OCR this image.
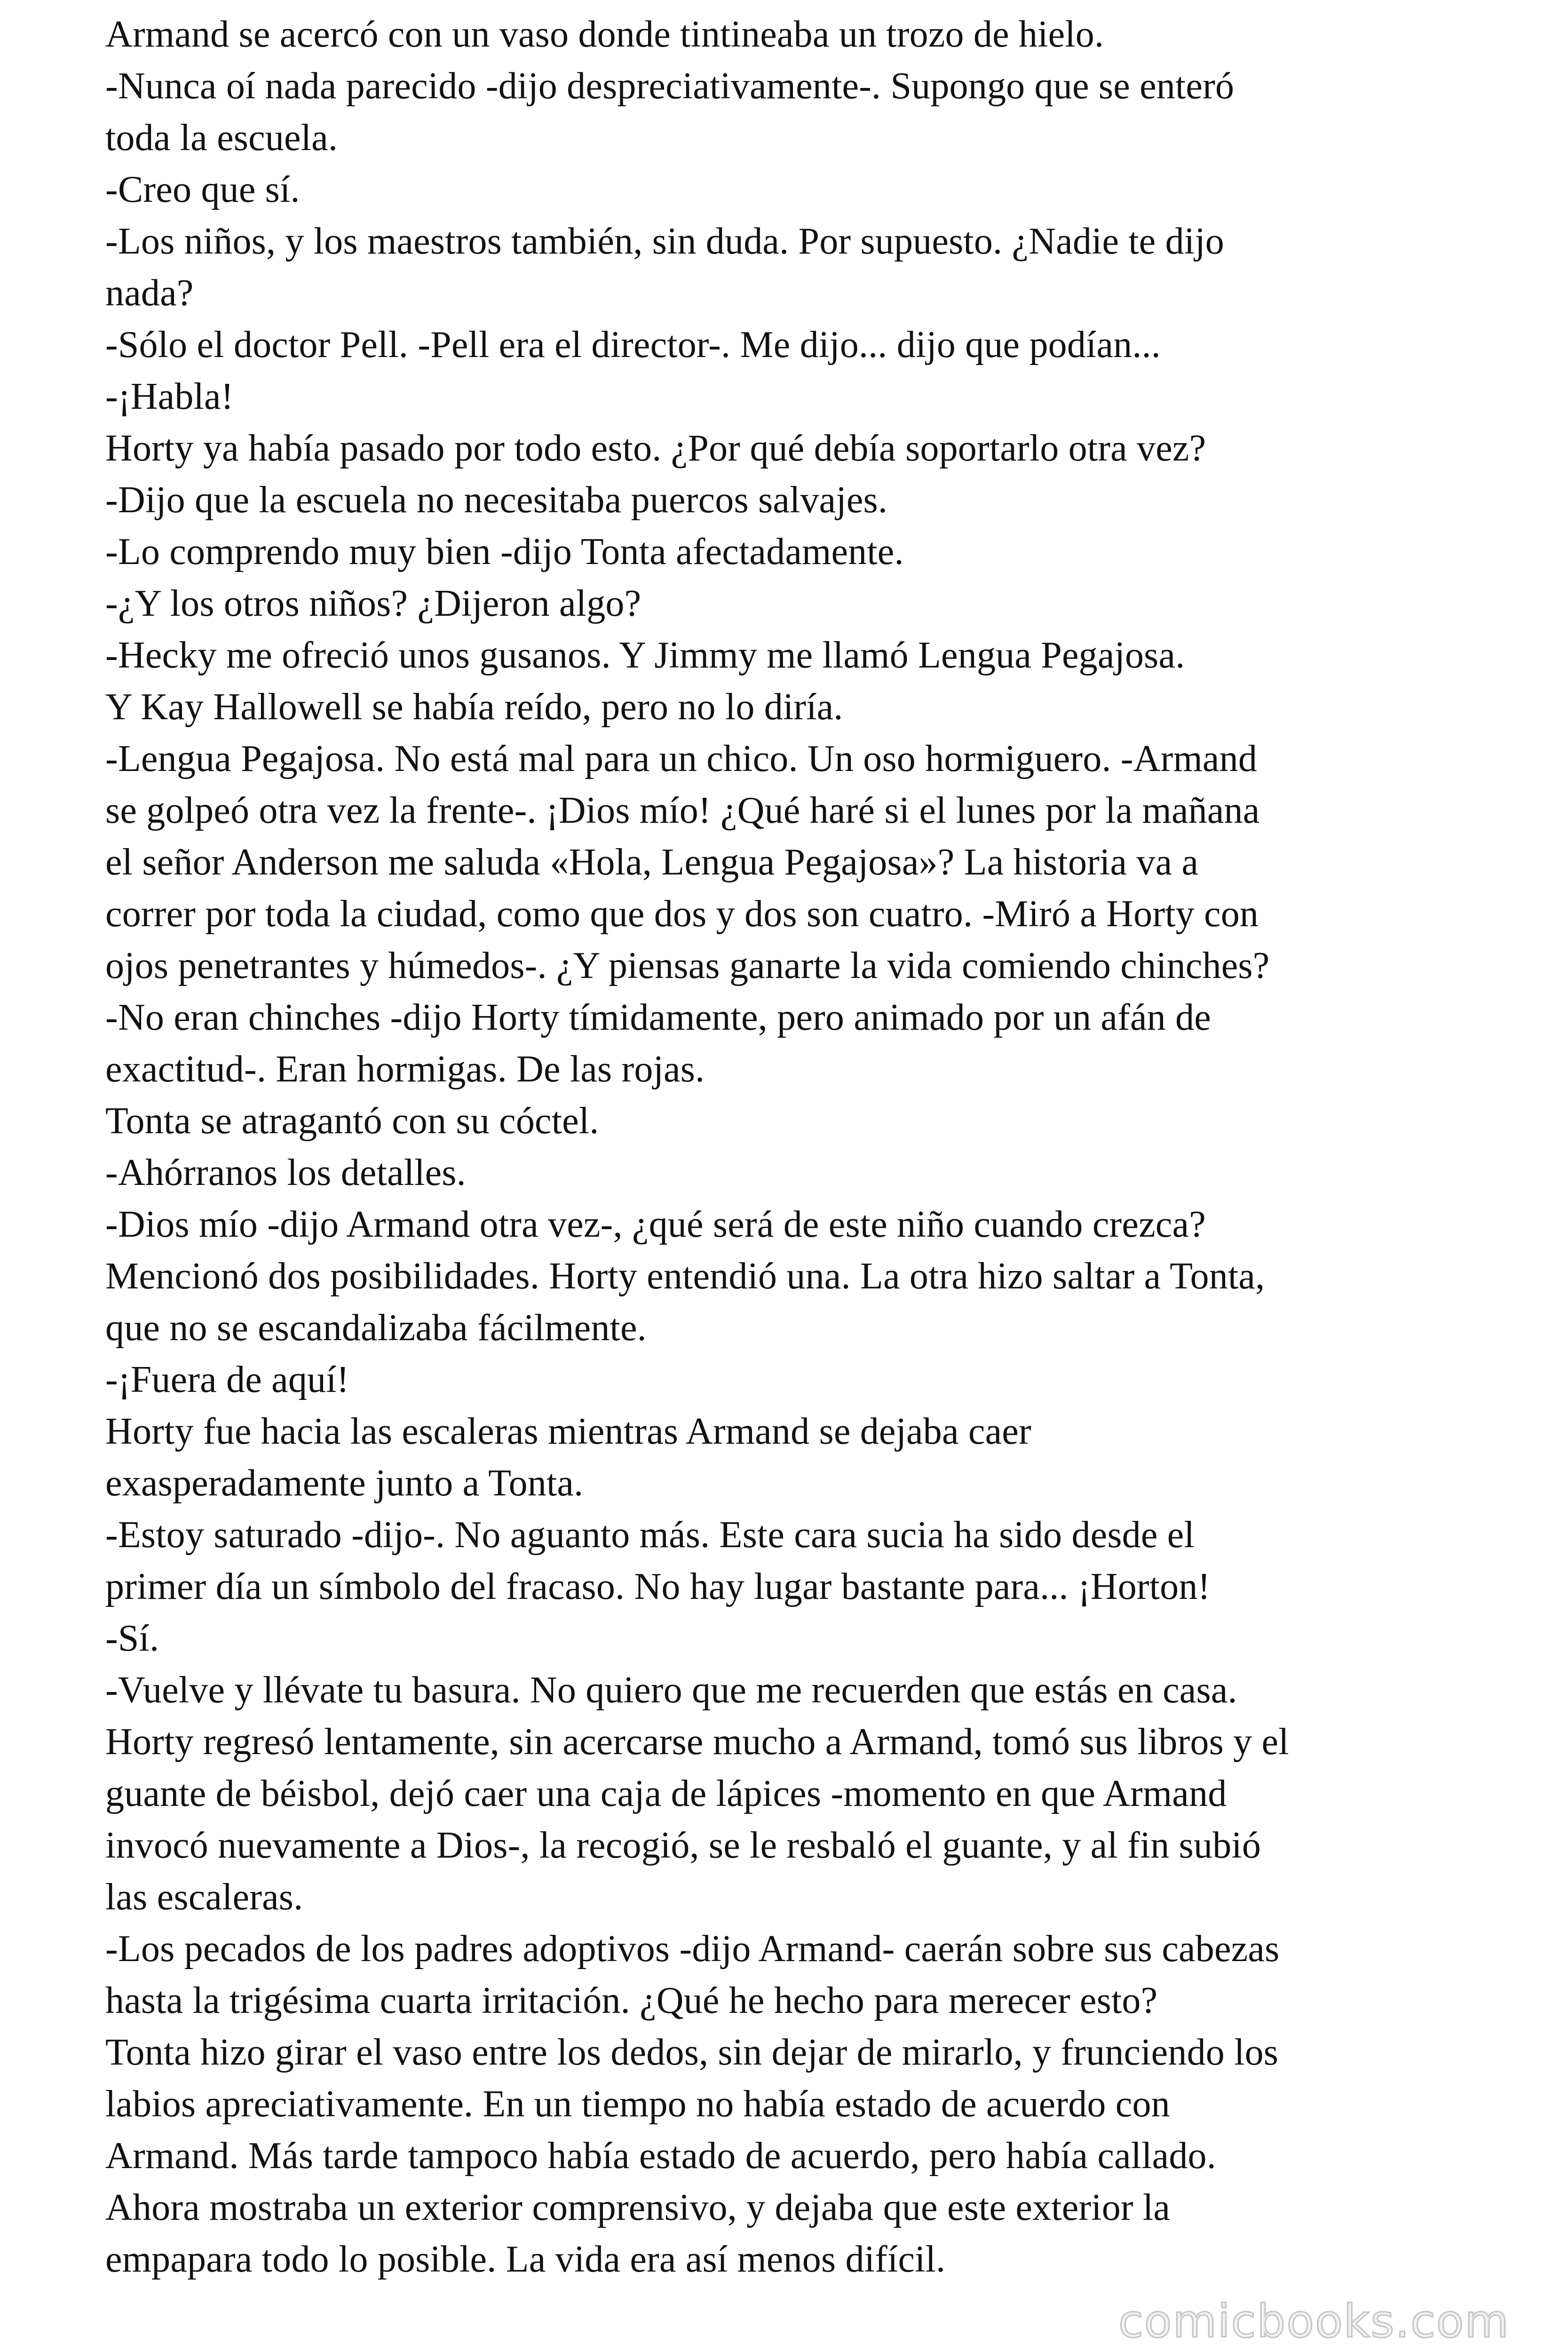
Armand se acercó con un vaso donde tintineaba un trozo de hielo.
-Nunca oí nada parecido -dijo despreciativamente-. Supongo que se enteró
toda la escuela.
-Creo que sí.
-Los niños, y los maestros también, sin duda. Por supuesto. ¿Nadie te dijo
nada?
-Sólo el doctor Pell. -Pell era el director-. Me dijo... dijo que podían...
-¡Habla!
Horty ya había pasado por todo esto. ¿Por qué debía soportarlo otra vez?
-Dijo que la escuela no necesitaba puercos salvajes.
-Lo comprendo muy bien -dijo Tonta afectadamente.
-¿Y los otros niños? ¿Dijeron algo?
-Hecky me ofreció unos gusanos. Y Jimmy me llamó Lengua Pegajosa.
Y Kay Hallowell se había reído, pero no lo diría.
-Lengua Pegajosa. No está mal para un chico. Un oso hormiguero. -Armand
se golpeó otra vez la frente-. ¡Dios mío! ¿Qué haré si el lunes por la mañana
el señor Anderson me saluda «Hola, Lengua Pegajosa»? La historia va a
correr por toda la ciudad, como que dos y dos son cuatro. -Miró a Horty con
ojos penetrantes y húmedos-. ¿Y piensas ganarte la vida comiendo chinches?
-No eran chinches -dijo Horty tímidamente, pero animado por un afán de
exactitud-. Eran hormigas. De las rojas.
Tonta se atragantó con su cóctel.
-Ahórranos los detalles.
-Dios mío -dijo Armand otra vez-, ¿qué será de este niño cuando crezca?
Mencionó dos posibilidades. Horty entendió una. La otra hizo saltar a Tonta,
que no se escandalizaba fácilmente.
-¡Fuera de aquí!
Horty fue hacia las escaleras mientras Armand se dejaba caer
exasperadamente junto a Tonta.
-Estoy saturado -dijo-. No aguanto más. Este cara sucia ha sido desde el
primer día un símbolo del fracaso. No hay lugar bastante para... ¡Horton!
-Sí.
-Vuelve y llévate tu basura. No quiero que me recuerden que estás en casa.
Horty regresó lentamente, sin acercarse mucho a Armand, tomó sus libros y el
guante de béisbol, dejó caer una caja de lápices -momento en que Armand
invocó nuevamente a Dios-, la recogió, se le resbaló el guante, y al fin subió
las escaleras.
-Los pecados de los padres adoptivos -dijo Armand- caerán sobre sus cabezas
hasta la trigésima cuarta irritación. ¿Qué he hecho para merecer esto?
Tonta hizo girar el vaso entre los dedos, sin dejar de mirarlo, y frunciendo los
labios apreciativamente. En un tiempo no había estado de acuerdo con
Armand. Más tarde tampoco había estado de acuerdo, pero había callado.
Ahora mostraba un exterior comprensivo, y dejaba que este exterior la
empapara todo lo posible. La vida era así menos difícil.
comicbooks.com
